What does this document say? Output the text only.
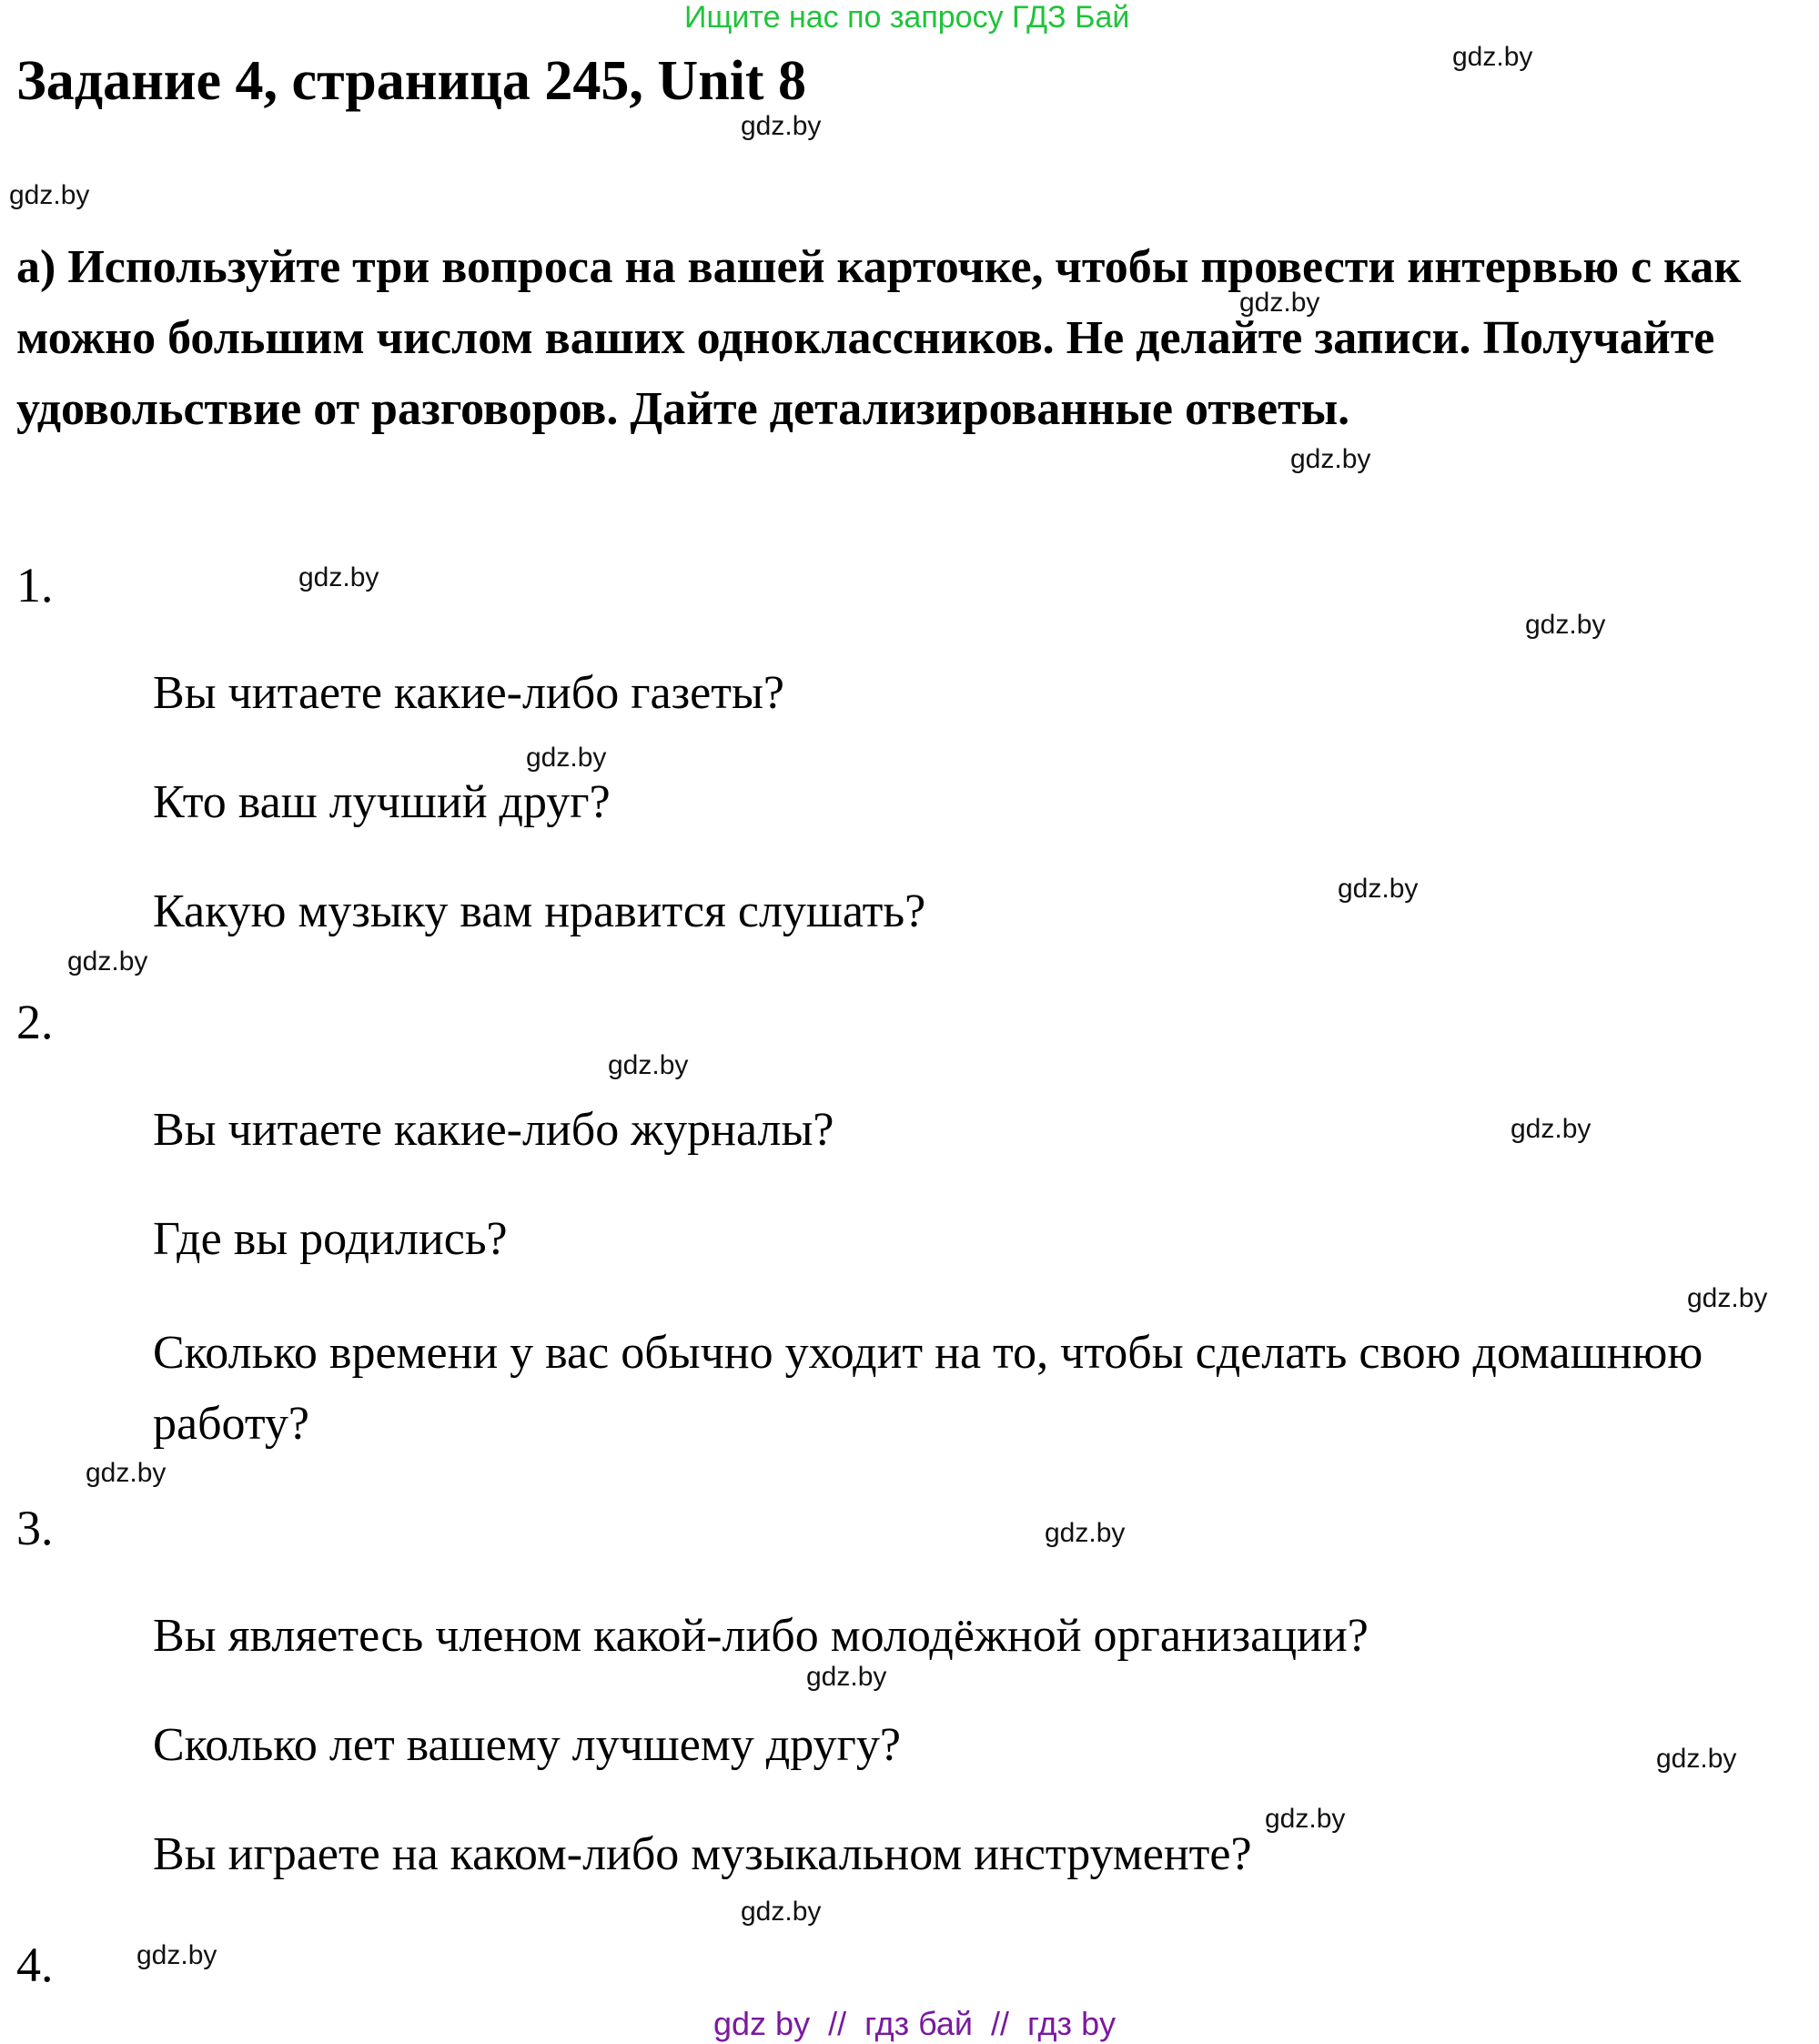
Ищите нас по запросу ГДЗ Бай
Задание 4, страница 245, Unit 8
а) Используйте три вопроса на вашей карточке, чтобы провести интервью с как можно большим числом ваших одноклассников. Не делайте записи. Получайте удовольствие от разговоров. Дайте детализированные ответы.
1.
Вы читаете какие-либо газеты?
Кто ваш лучший друг?
Какую музыку вам нравится слушать?
2.
Вы читаете какие-либо журналы?
Где вы родились?
Сколько времени у вас обычно уходит на то, чтобы сделать свою домашнюю работу?
3.
Вы являетесь членом какой-либо молодёжной организации?
Сколько лет вашему лучшему другу?
Вы играете на каком-либо музыкальном инструменте?
4.
gdz.by
gdz.by
gdz.by
gdz.by
gdz.by
gdz.by
gdz.by
gdz.by
gdz.by
gdz.by
gdz.by
gdz.by
gdz.by
gdz.by
gdz.by
gdz.by
gdz.by
gdz.by
gdz.by
gdz.by
gdz by  //  гдз бай  //  гдз by
